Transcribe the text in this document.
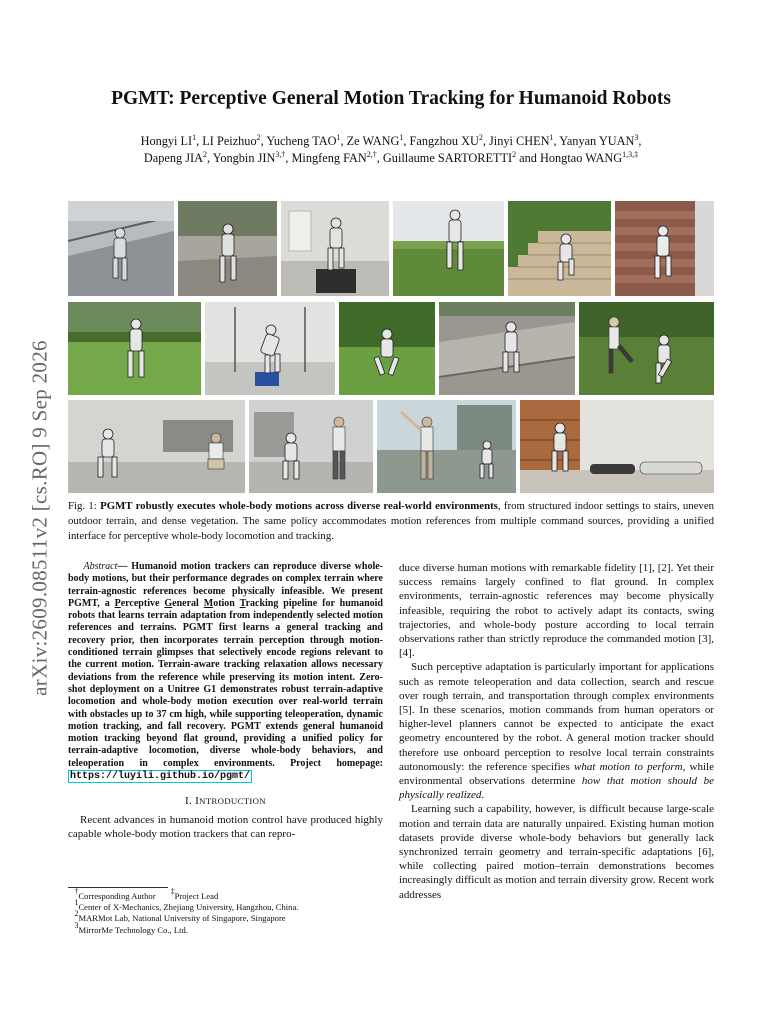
arXiv:2609.08511v2 [cs.RO] 9 Sep 2026
PGMT: Perceptive General Motion Tracking for Humanoid Robots
Hongyi $LI^1$, LI Peizhuo$^2$, Yucheng TAO$^1$, Ze WANG$^1$, Fangzhou $XU^2$, Jinyi CHEN$^1$, Yanyan YUAN$^3$,
Dapeng JIA$^2$, Yongbin $JIN^{3,\dagger}$, Mingfeng $FAN^{2,\dagger}$, Guillaume SARTORETTI$^2$ and Hongtao $WANG^{1,3,\ddagger}$
Fig. 1: PGMT robustly executes whole-body motions across diverse real-world environments, from structured indoor settings to stairs, uneven outdoor terrain, and dense vegetation. The same policy accommodates motion references from multiple command sources, providing a unified interface for perceptive whole-body locomotion and tracking.

Abstract— Humanoid motion trackers can reproduce diverse whole-body motions, but their performance degrades on complex terrain where terrain-agnostic references become physically infeasible. We present PGMT, a Perceptive General Motion Tracking pipeline for humanoid robots that learns terrain adaptation from independently selected motion references and terrains. PGMT first learns a general tracking and recovery prior, then incorporates terrain perception through motion-conditioned terrain glimpses that selectively encode regions relevant to the current motion. Terrain-aware tracking relaxation allows necessary deviations from the reference while preserving its motion intent. Zero-shot deployment on a Unitree G1 demonstrates robust terrain-adaptive locomotion and whole-body motion execution over real-world terrain with obstacles up to 37 cm high, while supporting teleoperation, dynamic motion tracking, and fall recovery. PGMT extends general humanoid motion tracking beyond flat ground, providing a unified policy for terrain-adaptive locomotion, diverse whole-body behaviors, and teleoperation in complex environments. Project homepage: https://luyili.github.io/pgmt/

I. INTRODUCTION

Recent advances in humanoid motion control have produced highly capable whole-body motion trackers that can repro-

duce diverse human motions with remarkable fidelity [1], [2]. Yet their success remains largely confined to flat ground. In complex environments, terrain-agnostic references may become physically infeasible, requiring the robot to actively adapt its contacts, swing trajectories, and whole-body posture according to local terrain observations rather than strictly reproduce the commanded motion [3], [4].

Such perceptive adaptation is particularly important for applications such as remote teleoperation and data collection, search and rescue over rough terrain, and transportation through complex environments [5]. In these scenarios, motion commands from human operators or higher-level planners cannot be expected to anticipate the exact geometry encountered by the robot. A general motion tracker should therefore use onboard perception to resolve local terrain constraints autonomously: the reference specifies what motion to perform, while environmental observations determine how that motion should be physically realized.

Learning such a capability, however, is difficult because large-scale motion and terrain data are naturally unpaired. Existing human motion datasets provide diverse whole-body behaviors but generally lack synchronized terrain geometry and terrain-specific adaptations [6], while collecting paired motion–terrain demonstrations becomes increasingly difficult as motion and terrain diversity grow. Recent work addresses

†Corresponding Author ‡Project Lead

$^1$Center of X-Mechanics, Zhejiang University, Hangzhou, China.

$^2$MARMot Lab, National University of Singapore, Singapore

$^3$MirrorMe Technology Co., Ltd.
